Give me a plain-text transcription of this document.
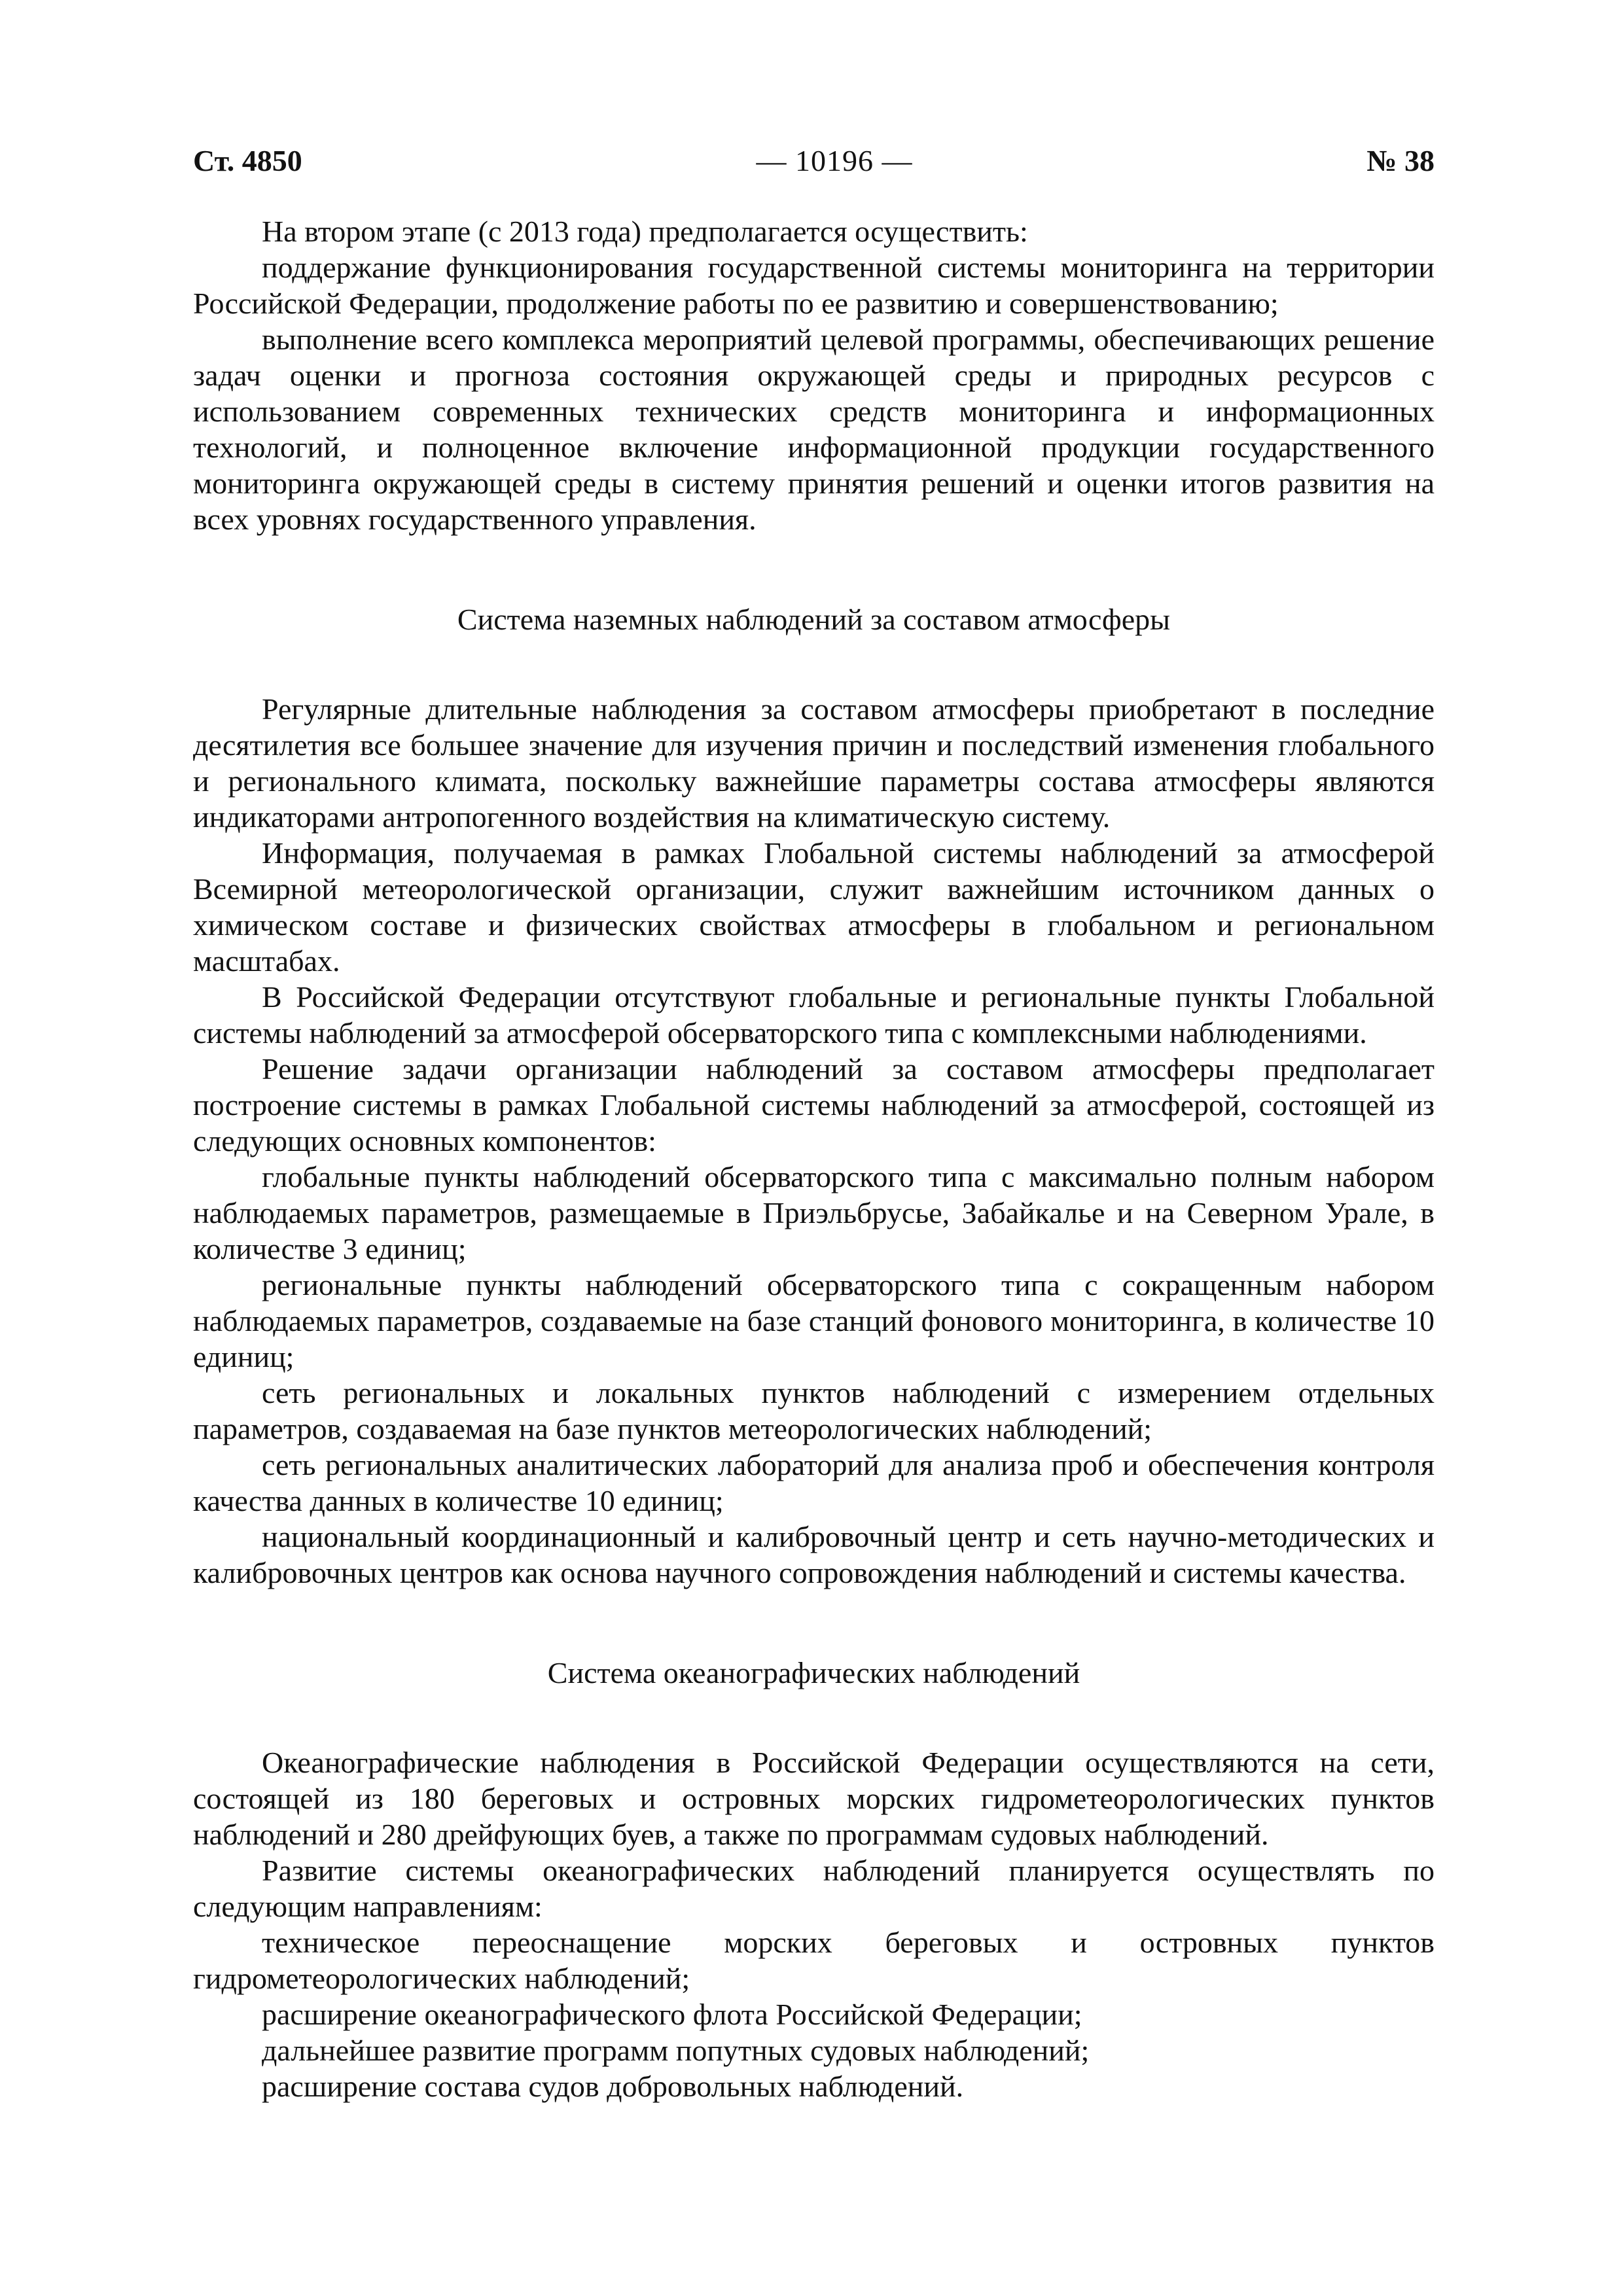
Ст. 4850	— 10196 —	№ 38

На втором этапе (с 2013 года) предполагается осуществить:

поддержание функционирования государственной системы мониторинга на территории Российской Федерации, продолжение работы по ее развитию и совершенствованию;

выполнение всего комплекса мероприятий целевой программы, обеспечивающих решение задач оценки и прогноза состояния окружающей среды и природных ресурсов с использованием современных технических средств мониторинга и информационных технологий, и полноценное включение информационной продукции государственного мониторинга окружающей среды в систему принятия решений и оценки итогов развития на всех уровнях государственного управления.

Система наземных наблюдений за составом атмосферы

Регулярные длительные наблюдения за составом атмосферы приобретают в последние десятилетия все большее значение для изучения причин и последствий изменения глобального и регионального климата, поскольку важнейшие параметры состава атмосферы являются индикаторами антропогенного воздействия на климатическую систему.

Информация, получаемая в рамках Глобальной системы наблюдений за атмосферой Всемирной метеорологической организации, служит важнейшим источником данных о химическом составе и физических свойствах атмосферы в глобальном и региональном масштабах.

В Российской Федерации отсутствуют глобальные и региональные пункты Глобальной системы наблюдений за атмосферой обсерваторского типа с комплексными наблюдениями.

Решение задачи организации наблюдений за составом атмосферы предполагает построение системы в рамках Глобальной системы наблюдений за атмосферой, состоящей из следующих основных компонентов:

глобальные пункты наблюдений обсерваторского типа с максимально полным набором наблюдаемых параметров, размещаемые в Приэльбрусье, Забайкалье и на Северном Урале, в количестве 3 единиц;

региональные пункты наблюдений обсерваторского типа с сокращенным набором наблюдаемых параметров, создаваемые на базе станций фонового мониторинга, в количестве 10 единиц;

сеть региональных и локальных пунктов наблюдений с измерением отдельных параметров, создаваемая на базе пунктов метеорологических наблюдений;

сеть региональных аналитических лабораторий для анализа проб и обеспечения контроля качества данных в количестве 10 единиц;

национальный координационный и калибровочный центр и сеть научно-методических и калибровочных центров как основа научного сопровождения наблюдений и системы качества.

Система океанографических наблюдений

Океанографические наблюдения в Российской Федерации осуществляются на сети, состоящей из 180 береговых и островных морских гидрометеорологических пунктов наблюдений и 280 дрейфующих буев, а также по программам судовых наблюдений.

Развитие системы океанографических наблюдений планируется осуществлять по следующим направлениям:

техническое переоснащение морских береговых и островных пунктов гидрометеорологических наблюдений;

расширение океанографического флота Российской Федерации;

дальнейшее развитие программ попутных судовых наблюдений;

расширение состава судов добровольных наблюдений.
